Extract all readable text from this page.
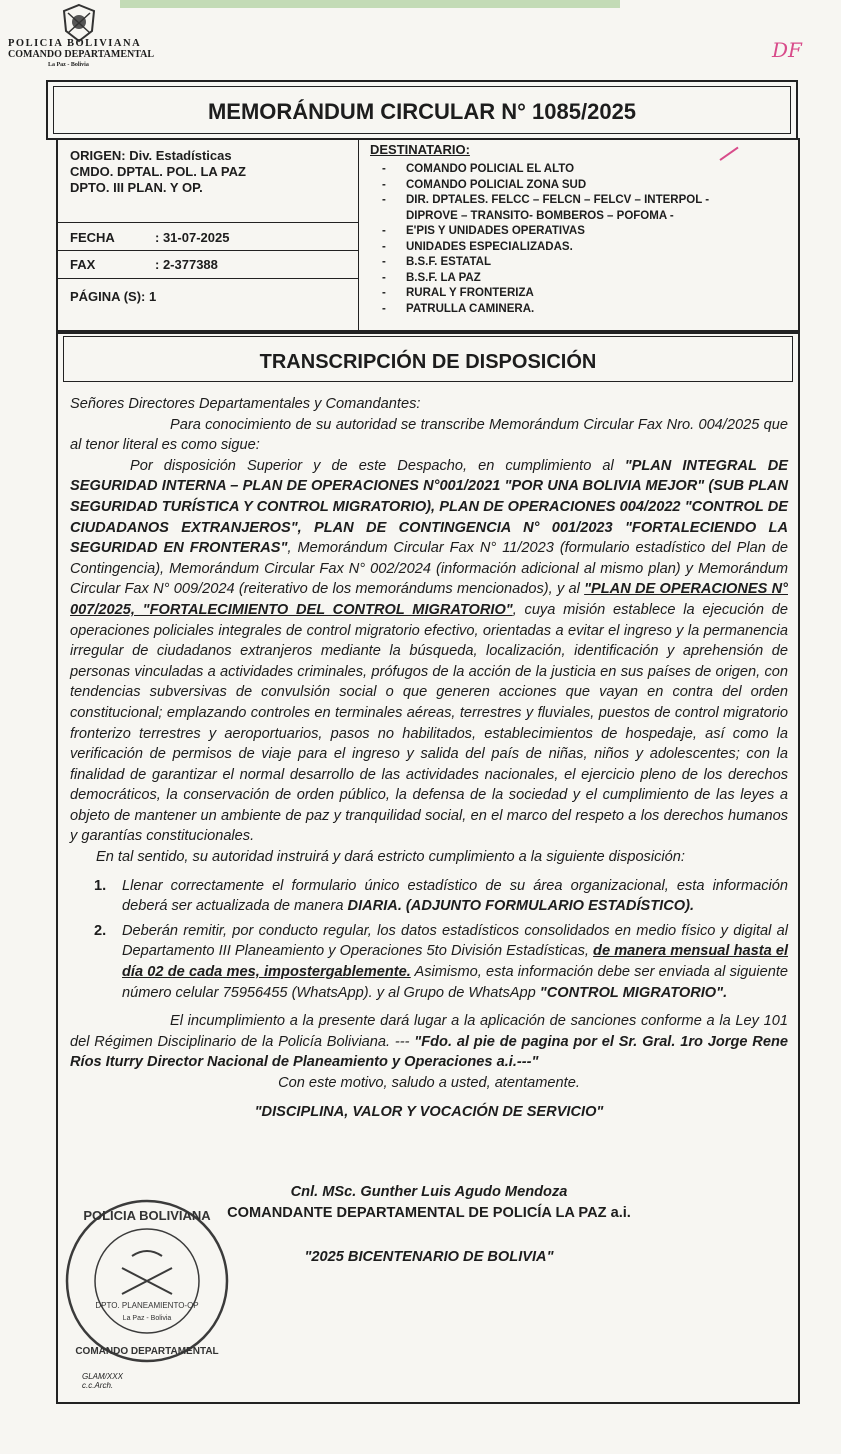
POLICIA BOLIVIANA
COMANDO DEPARTAMENTAL
La Paz - Bolivia
DF
MEMORÁNDUM CIRCULAR N° 1085/2025
ORIGEN: Div. Estadísticas
CMDO. DPTAL. POL. LA PAZ
DPTO. III PLAN. Y OP.
FECHA	: 31-07-2025
FAX	: 2-377388
PÁGINA (S): 1
DESTINATARIO:
- COMANDO POLICIAL EL ALTO
- COMANDO POLICIAL ZONA SUD
- DIR. DPTALES. FELCC – FELCN – FELCV – INTERPOL -
DIPROVE – TRANSITO- BOMBEROS – POFOMA -
- E'PIS Y UNIDADES OPERATIVAS
- UNIDADES ESPECIALIZADAS.
- B.S.F. ESTATAL
- B.S.F. LA PAZ
- RURAL Y FRONTERIZA
- PATRULLA CAMINERA.
TRANSCRIPCIÓN DE DISPOSICIÓN

Señores Directores Departamentales y Comandantes:

Para conocimiento de su autoridad se transcribe Memorándum Circular Fax Nro. 004/2025 que al tenor literal es como sigue:

Por disposición Superior y de este Despacho, en cumplimiento al "PLAN INTEGRAL DE SEGURIDAD INTERNA – PLAN DE OPERACIONES N°001/2021 "POR UNA BOLIVIA MEJOR" (SUB PLAN SEGURIDAD TURÍSTICA Y CONTROL MIGRATORIO), PLAN DE OPERACIONES 004/2022 "CONTROL DE CIUDADANOS EXTRANJEROS", PLAN DE CONTINGENCIA N° 001/2023 "FORTALECIENDO LA SEGURIDAD EN FRONTERAS", Memorándum Circular Fax N° 11/2023 (formulario estadístico del Plan de Contingencia), Memorándum Circular Fax N° 002/2024 (información adicional al mismo plan) y Memorándum Circular Fax N° 009/2024 (reiterativo de los memorándums mencionados), y al "PLAN DE OPERACIONES N° 007/2025, "FORTALECIMIENTO DEL CONTROL MIGRATORIO", cuya misión establece la ejecución de operaciones policiales integrales de control migratorio efectivo, orientadas a evitar el ingreso y la permanencia irregular de ciudadanos extranjeros mediante la búsqueda, localización, identificación y aprehensión de personas vinculadas a actividades criminales, prófugos de la acción de la justicia en sus países de origen, con tendencias subversivas de convulsión social o que generen acciones que vayan en contra del orden constitucional; emplazando controles en terminales aéreas, terrestres y fluviales, puestos de control migratorio fronterizo terrestres y aeroportuarios, pasos no habilitados, establecimientos de hospedaje, así como la verificación de permisos de viaje para el ingreso y salida del país de niñas, niños y adolescentes; con la finalidad de garantizar el normal desarrollo de las actividades nacionales, el ejercicio pleno de los derechos democráticos, la conservación de orden público, la defensa de la sociedad y el cumplimiento de las leyes a objeto de mantener un ambiente de paz y tranquilidad social, en el marco del respeto a los derechos humanos y garantías constitucionales.

En tal sentido, su autoridad instruirá y dará estricto cumplimiento a la siguiente disposición:

1. Llenar correctamente el formulario único estadístico de su área organizacional, esta información deberá ser actualizada de manera DIARIA. (ADJUNTO FORMULARIO ESTADÍSTICO).
2. Deberán remitir, por conducto regular, los datos estadísticos consolidados en medio físico y digital al Departamento III Planeamiento y Operaciones 5to División Estadísticas, de manera mensual hasta el día 02 de cada mes, impostergablemente. Asimismo, esta información debe ser enviada al siguiente número celular 75956455 (WhatsApp). y al Grupo de WhatsApp "CONTROL MIGRATORIO".

El incumplimiento a la presente dará lugar a la aplicación de sanciones conforme a la Ley 101 del Régimen Disciplinario de la Policía Boliviana. --- "Fdo. al pie de pagina por el Sr. Gral. 1ro Jorge Rene Ríos Iturry Director Nacional de Planeamiento y Operaciones a.i.---"

Con este motivo, saludo a usted, atentamente.

"DISCIPLINA, VALOR Y VOCACIÓN DE SERVICIO"

Cnl. MSc. Gunther Luis Agudo Mendoza

COMANDANTE DEPARTAMENTAL DE POLICÍA LA PAZ a.i.

"2025 BICENTENARIO DE BOLIVIA"

DPTO. PLANEAMIENTO-OP
La Paz - Bolivia
POLICIA BOLIVIANA
COMANDO DEPARTAMENTAL
GLAM/XXX
c.c.Arch.
